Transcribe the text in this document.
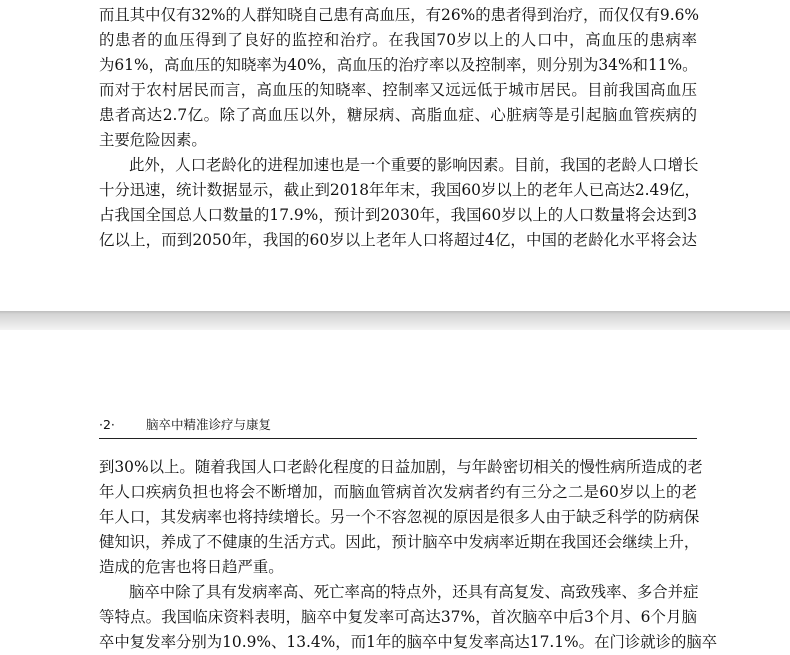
而且其中仅有32%的人群知晓自己患有高血压，有26%的患者得到治疗，而仅仅有9.6%
的患者的血压得到了良好的监控和治疗。在我国70岁以上的人口中，高血压的患病率
为61%，高血压的知晓率为40%，高血压的治疗率以及控制率，则分别为34%和11%。
而对于农村居民而言，高血压的知晓率、控制率又远远低于城市居民。目前我国高血压
患者高达2.7亿。除了高血压以外，糖尿病、高脂血症、心脏病等是引起脑血管疾病的
主要危险因素。
此外，人口老龄化的进程加速也是一个重要的影响因素。目前，我国的老龄人口增长
十分迅速，统计数据显示，截止到2018年年末，我国60岁以上的老年人已高达2.49亿，
占我国全国总人口数量的17.9%，预计到2030年，我国60岁以上的人口数量将会达到3
亿以上，而到2050年，我国的60岁以上老年人口将超过4亿，中国的老龄化水平将会达
·2· 脑卒中精准诊疗与康复
到30%以上。随着我国人口老龄化程度的日益加剧，与年龄密切相关的慢性病所造成的老
年人口疾病负担也将会不断增加，而脑血管病首次发病者约有三分之二是60岁以上的老
年人口，其发病率也将持续增长。另一个不容忽视的原因是很多人由于缺乏科学的防病保
健知识，养成了不健康的生活方式。因此，预计脑卒中发病率近期在我国还会继续上升，
造成的危害也将日趋严重。
脑卒中除了具有发病率高、死亡率高的特点外，还具有高复发、高致残率、多合并症
等特点。我国临床资料表明，脑卒中复发率可高达37%，首次脑卒中后3个月、6个月脑
卒中复发率分别为10.9%、13.4%，而1年的脑卒中复发率高达17.1%。在门诊就诊的脑卒
